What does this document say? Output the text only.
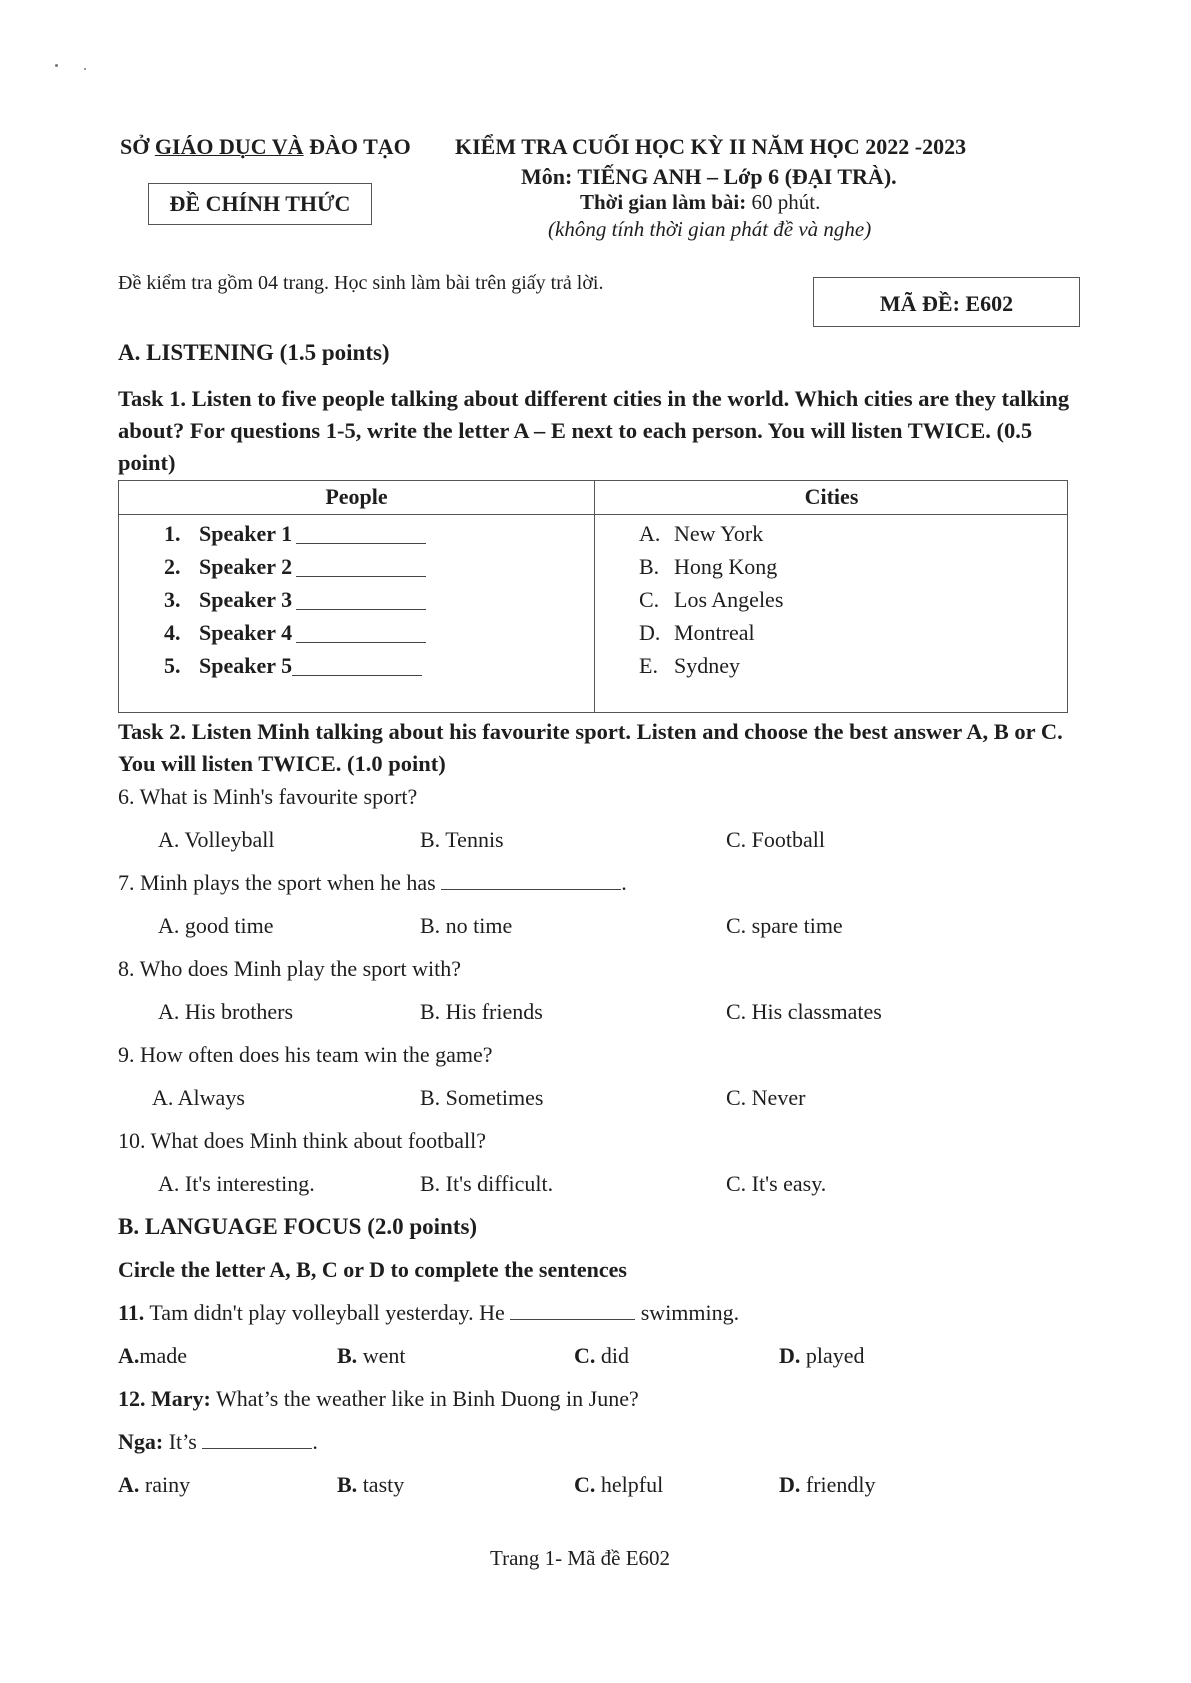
SỞ GIÁO DỤC VÀ ĐÀO TẠO KIỂM TRA CUỐI HỌC KỲ II NĂM HỌC 2022 -2023
Môn: TIẾNG ANH – Lớp 6 (ĐẠI TRÀ).
Thời gian làm bài: 60 phút.
(không tính thời gian phát đề và nghe)
ĐỀ CHÍNH THỨC
Đề kiểm tra gồm 04 trang. Học sinh làm bài trên giấy trả lời.
MÃ ĐỀ: E602
A. LISTENING (1.5 points)
Task 1. Listen to five people talking about different cities in the world. Which cities are they talking about? For questions 1-5, write the letter A – E next to each person. You will listen TWICE. (0.5 point)
People	Cities
1. Speaker 1
2. Speaker 2
3. Speaker 3
4. Speaker 4
5. Speaker 5
A. New York
B. Hong Kong
C. Los Angeles
D. Montreal
E. Sydney
Task 2. Listen Minh talking about his favourite sport. Listen and choose the best answer A, B or C. You will listen TWICE. (1.0 point)
6. What is Minh's favourite sport?
A. Volleyball	B. Tennis	C. Football
7. Minh plays the sport when he has	.
A. good time	B. no time	C. spare time
8. Who does Minh play the sport with?
A. His brothers	B. His friends	C. His classmates
9. How often does his team win the game?
A. Always	B. Sometimes	C. Never
10. What does Minh think about football?
A. It's interesting.	B. It's difficult.	C. It's easy.
B. LANGUAGE FOCUS (2.0 points)
Circle the letter A, B, C or D to complete the sentences
11. Tam didn't play volleyball yesterday. He	swimming.
A.made	B. went	C. did	D. played
12. Mary: What’s the weather like in Binh Duong in June?
Nga: It’s	.
A. rainy	B. tasty	C. helpful	D. friendly
Trang 1- Mã đề E602
